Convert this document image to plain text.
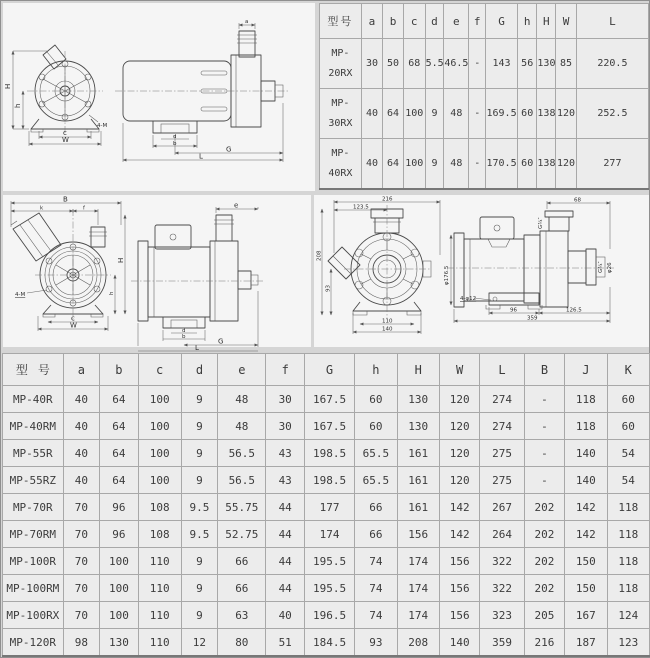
H
h
c
W
4-M
a
d
b
G
L
型号	a	b	c	d	e	f	G	h	H	W	L
MP-20RX	30	50	68	5.5	46.5	-	143	56	130	85	220.5
MP-30RX	40	64	100	9	48	-	169.5	60	138	120	252.5
MP-40RX	40	64	100	9	48	-	170.5	60	138	120	277
B
k	f
H
h
4-M
c
W
e
d
b
G
L
216
123.5
208
93
110
140
68
G¾″
φ176.5	G¾″ φ26
4-φ12
96	126.5
359
型号	a	b	c	d	e	f	G	h	H	W	L	B	J	K
MP-40R	40	64	100	9	48	30	167.5	60	130	120	274	-	118	60
MP-40RM	40	64	100	9	48	30	167.5	60	130	120	274	-	118	60
MP-55R	40	64	100	9	56.5	43	198.5	65.5	161	120	275	-	140	54
MP-55RZ	40	64	100	9	56.5	43	198.5	65.5	161	120	275	-	140	54
MP-70R	70	96	108	9.5	55.75	44	177	66	161	142	267	202	142	118
MP-70RM	70	96	108	9.5	52.75	44	174	66	156	142	264	202	142	118
MP-100R	70	100	110	9	66	44	195.5	74	174	156	322	202	150	118
MP-100RM	70	100	110	9	66	44	195.5	74	174	156	322	202	150	118
MP-100RX	70	100	110	9	63	40	196.5	74	174	156	323	205	167	124
MP-120R	98	130	110	12	80	51	184.5	93	208	140	359	216	187	123
